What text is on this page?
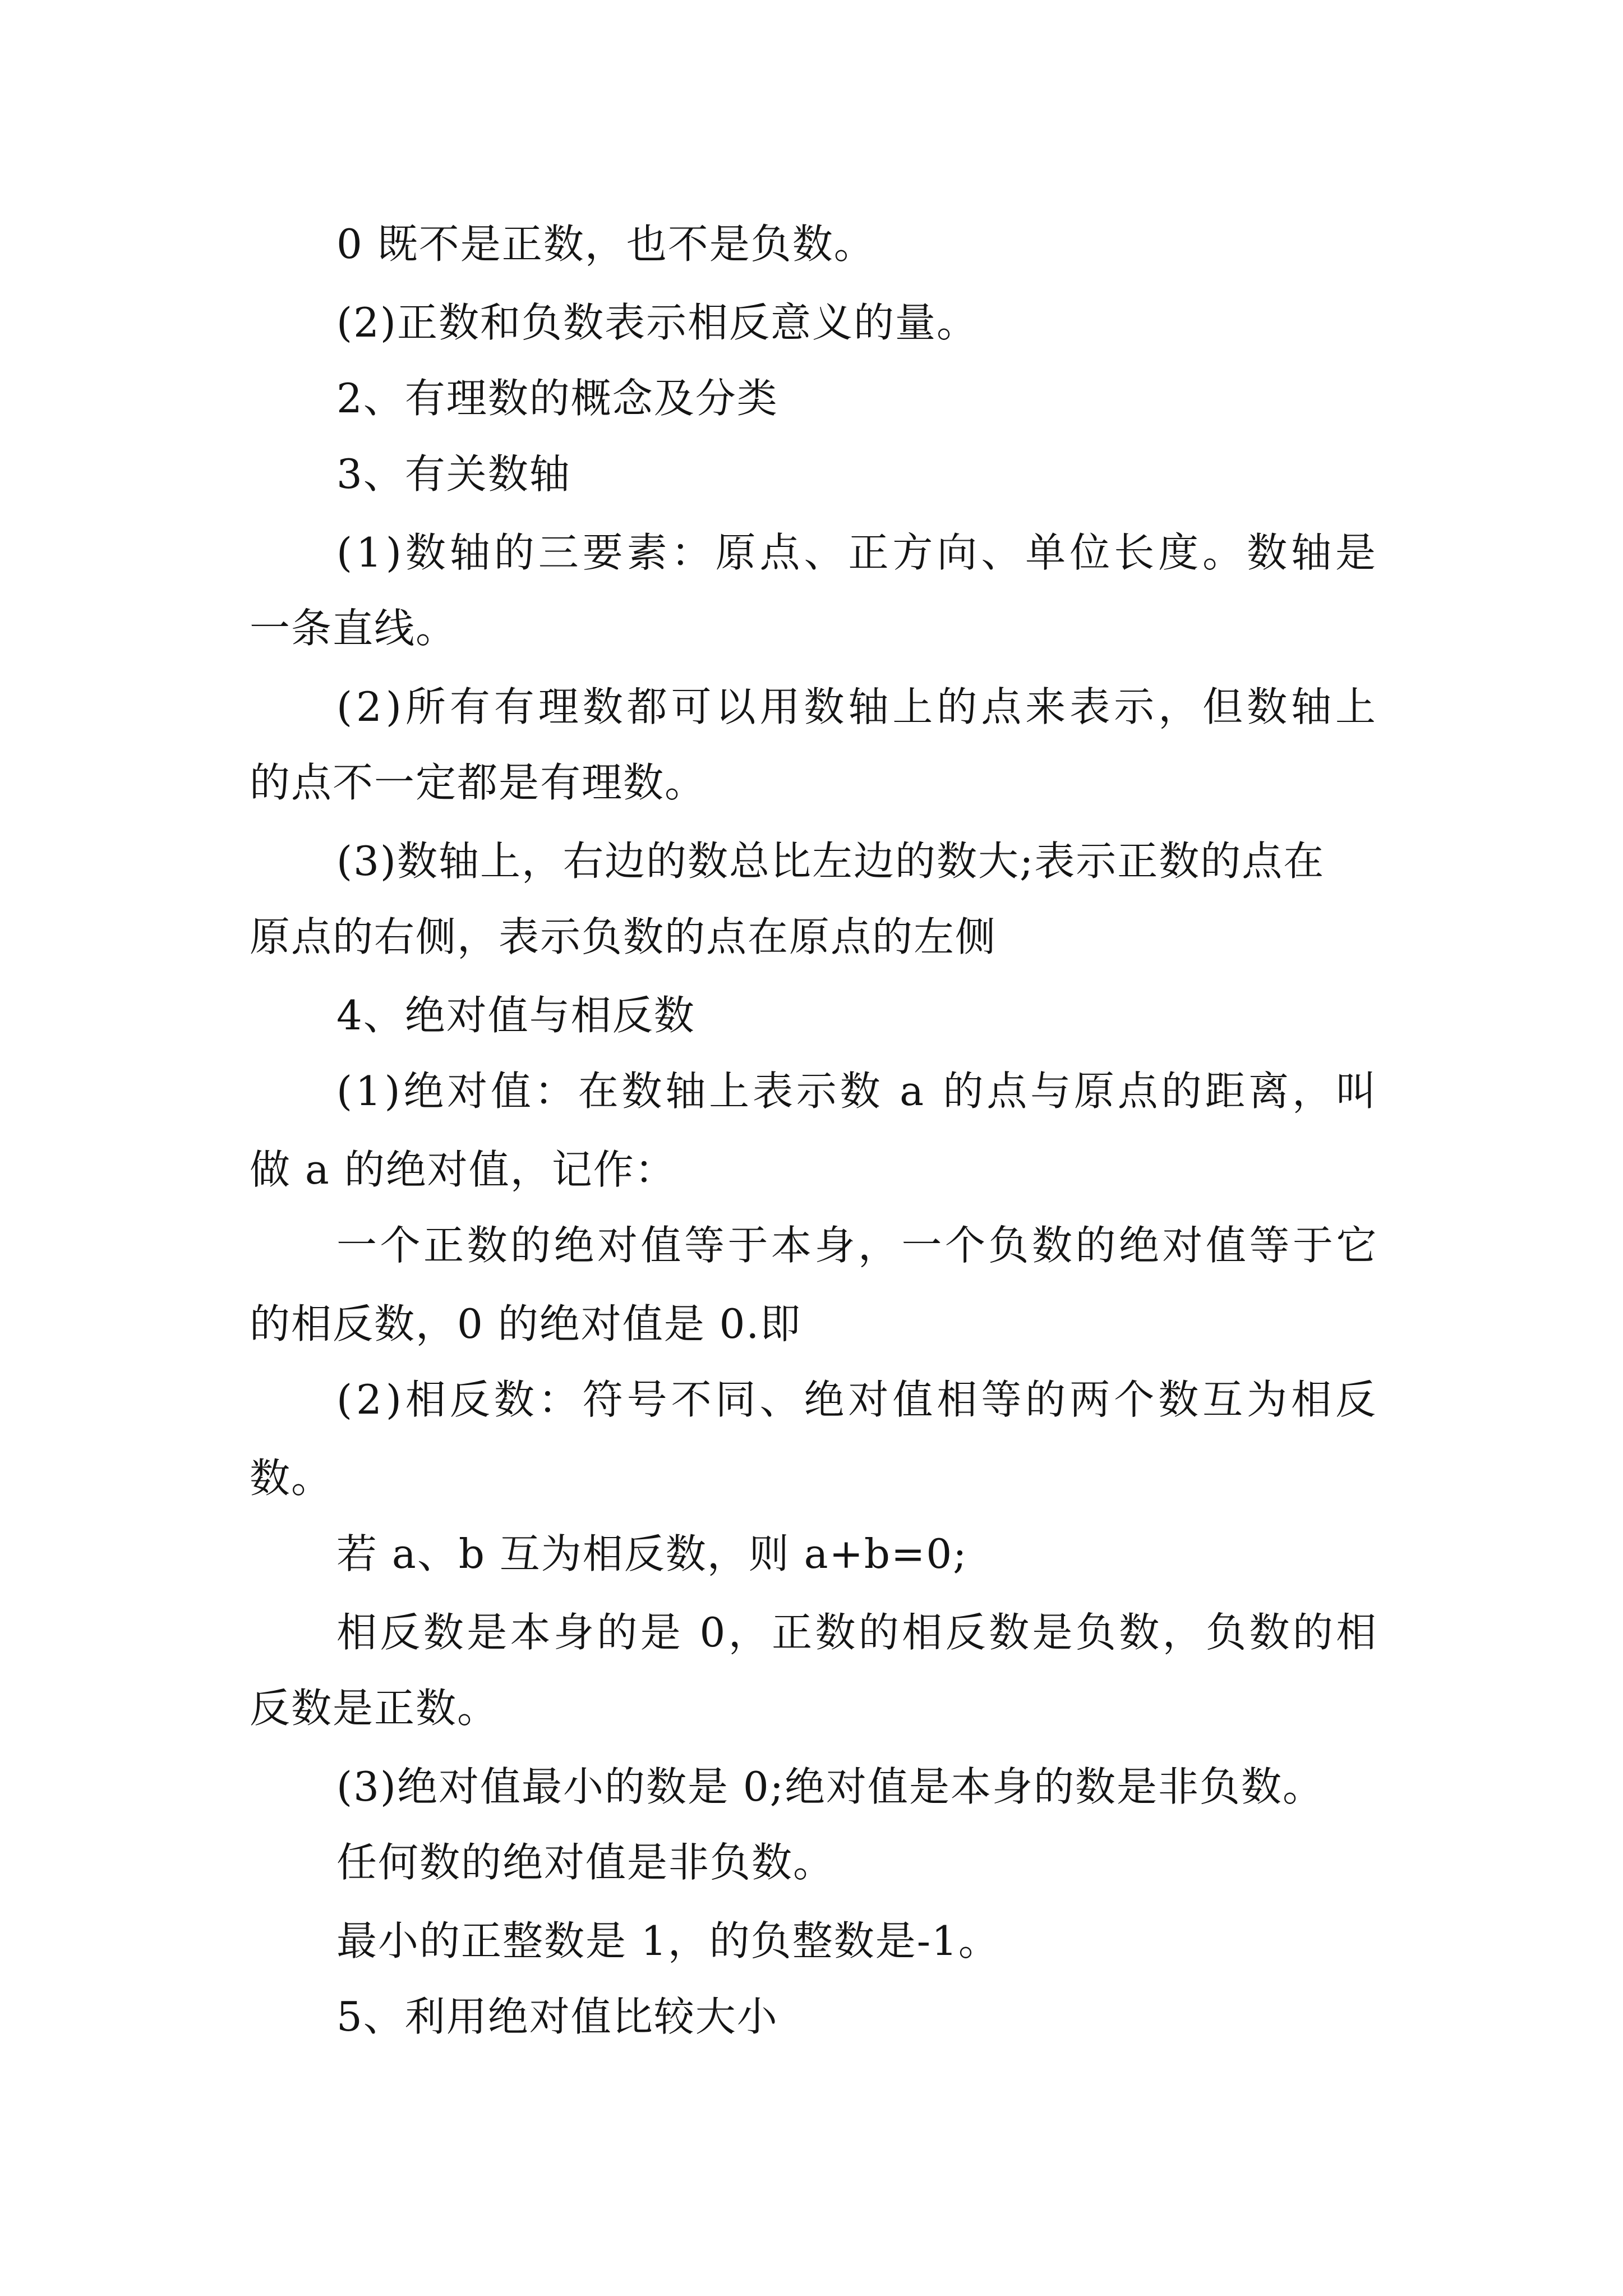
0 既不是正数，也不是负数。
(2)正数和负数表示相反意义的量。
2、有理数的概念及分类
3、有关数轴
(1)数轴的三要素：原点、正方向、单位长度。数轴是
一条直线。
(2)所有有理数都可以用数轴上的点来表示，但数轴上
的点不一定都是有理数。
(3)数轴上，右边的数总比左边的数大;表示正数的点在
原点的右侧，表示负数的点在原点的左侧
4、绝对值与相反数
(1)绝对值：在数轴上表示数 a 的点与原点的距离，叫
做 a 的绝对值，记作：
一个正数的绝对值等于本身，一个负数的绝对值等于它
的相反数，0 的绝对值是 0.即
(2)相反数：符号不同、绝对值相等的两个数互为相反
数。
若 a、b 互为相反数，则 a+b=0;
相反数是本身的是 0，正数的相反数是负数，负数的相
反数是正数。
(3)绝对值最小的数是 0;绝对值是本身的数是非负数。
任何数的绝对值是非负数。
最小的正整数是 1，的负整数是-1。
5、利用绝对值比较大小
